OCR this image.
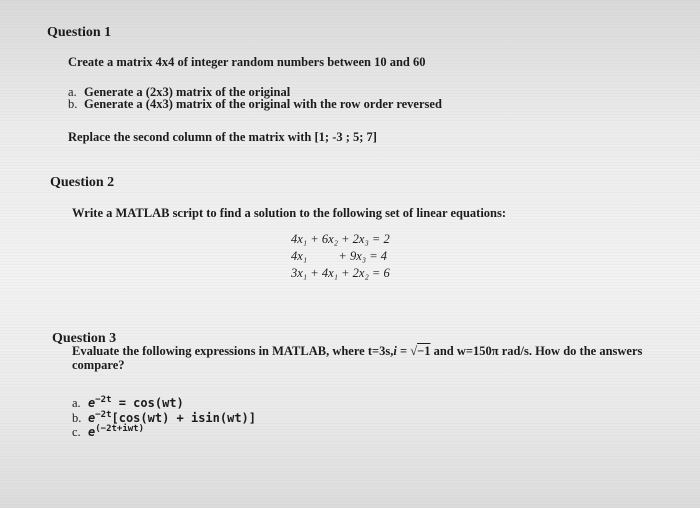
Question 1
Create a matrix 4x4 of integer random numbers between 10 and 60
a. Generate a (2x3) matrix of the original
b. Generate a (4x3) matrix of the original with the row order reversed
Replace the second column of the matrix with [1; -3 ; 5; 7]
Question 2
Write a MATLAB script to find a solution to the following set of linear equations:
4x₁ + 6x₂ + 2x₃ = 2
4x₁          + 9x₃ = 4
3x₁ + 4x₁ + 2x₂ = 6
Question 3
Evaluate the following expressions in MATLAB, where t=3s,i = √−1 and w=150π rad/s. How do the answers
compare?
a. $e^{-2t} = \cos(wt)$
b. $e^{-2t}[\cos(wt) + isin(wt)]$
c. $e^{(-2t+iwt)}$
